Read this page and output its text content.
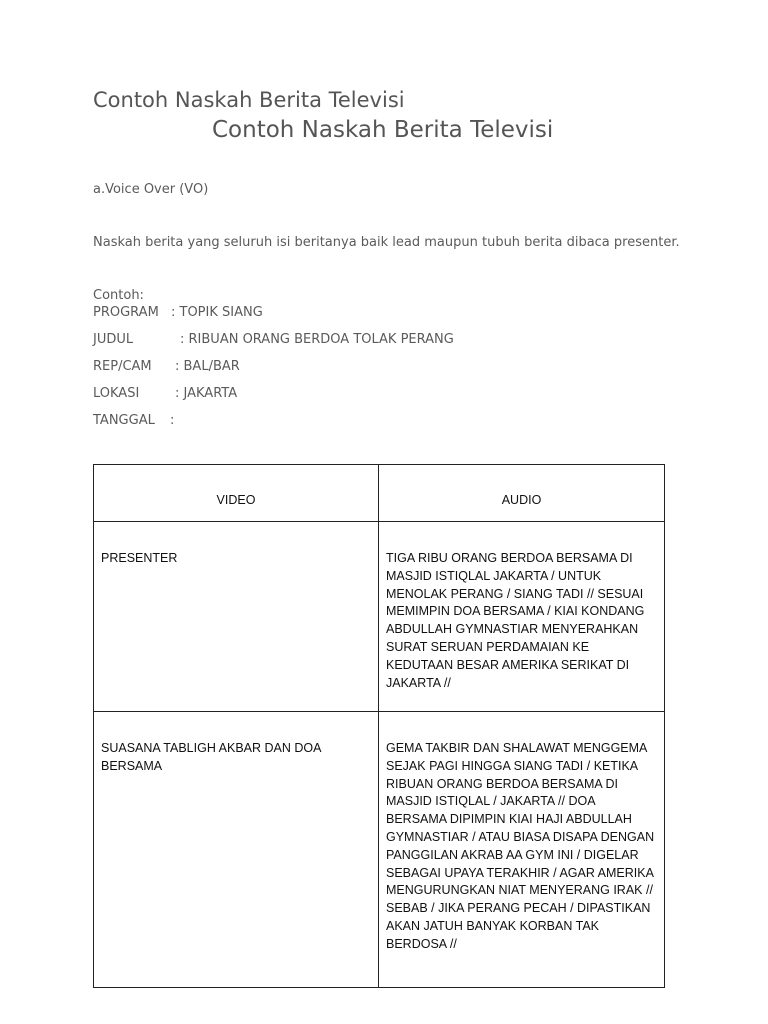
Contoh Naskah Berita Televisi
Contoh Naskah Berita Televisi
a.Voice Over (VO)
Naskah berita yang seluruh isi beritanya baik lead maupun tubuh berita dibaca presenter.
Contoh:
PROGRAM : TOPIK SIANG
JUDUL	: RIBUAN ORANG BERDOA TOLAK PERANG
REP/CAM : BAL/BAR
LOKASI	: JAKARTA
TANGGAL :
VIDEO	AUDIO
PRESENTER	TIGA RIBU ORANG BERDOA BERSAMA DI MASJID ISTIQLAL JAKARTA / UNTUK MENOLAK PERANG / SIANG TADI // SESUAI MEMIMPIN DOA BERSAMA / KIAI KONDANG ABDULLAH GYMNASTIAR MENYERAHKAN SURAT SERUAN PERDAMAIAN KE KEDUTAAN BESAR AMERIKA SERIKAT DI JAKARTA //
SUASANA TABLIGH AKBAR DAN DOA BERSAMA	GEMA TAKBIR DAN SHALAWAT MENGGEMA SEJAK PAGI HINGGA SIANG TADI / KETIKA RIBUAN ORANG BERDOA BERSAMA DI MASJID ISTIQLAL / JAKARTA // DOA BERSAMA DIPIMPIN KIAI HAJI ABDULLAH GYMNASTIAR / ATAU BIASA DISAPA DENGAN PANGGILAN AKRAB AA GYM INI / DIGELAR SEBAGAI UPAYA TERAKHIR / AGAR AMERIKA MENGURUNGKAN NIAT MENYERANG IRAK // SEBAB / JIKA PERANG PECAH / DIPASTIKAN AKAN JATUH BANYAK KORBAN TAK BERDOSA //
